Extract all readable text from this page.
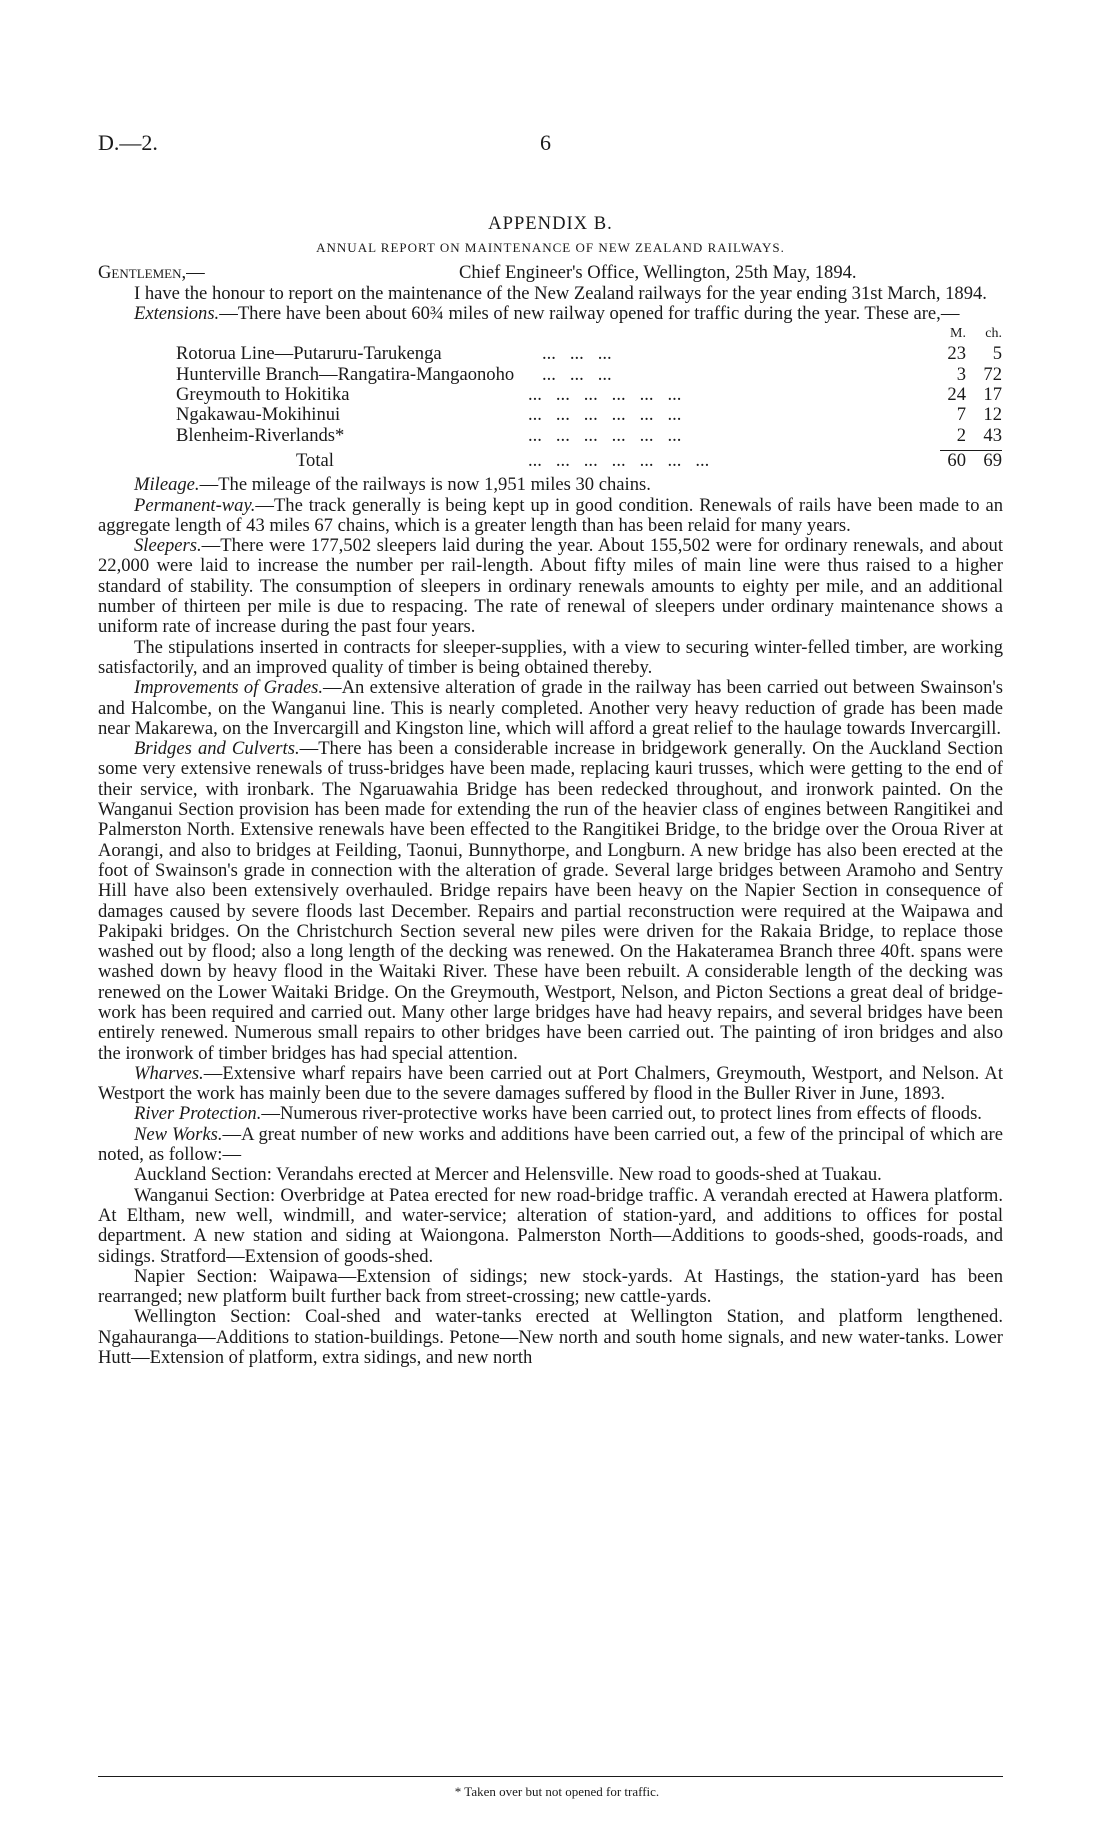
D.—2.	6
APPENDIX B.
ANNUAL REPORT ON MAINTENANCE OF NEW ZEALAND RAILWAYS.
Gentlemen,—	Chief Engineer's Office, Wellington, 25th May, 1894.

I have the honour to report on the maintenance of the New Zealand railways for the year ending 31st March, 1894.

Extensions.—There have been about 60¾ miles of new railway opened for traffic during the year. These are,—

		M.	ch.
Rotorua Line—Putaruru-Tarukenga	...   ...   ...	23	5
Hunterville Branch—Rangatira-Mangaonoho	...   ...   ...	3	72
Greymouth to Hokitika	...   ...   ...   ...   ...   ...	24	17
Ngakawau-Mokihinui	...   ...   ...   ...   ...   ...	7	12
Blenheim-Riverlands*	...   ...   ...   ...   ...   ...	2	43

Total	...   ...   ...   ...   ...   ...   ...	60	69

Mileage.—The mileage of the railways is now 1,951 miles 30 chains.

Permanent-way.—The track generally is being kept up in good condition. Renewals of rails have been made to an aggregate length of 43 miles 67 chains, which is a greater length than has been relaid for many years.

Sleepers.—There were 177,502 sleepers laid during the year. About 155,502 were for ordinary renewals, and about 22,000 were laid to increase the number per rail-length. About fifty miles of main line were thus raised to a higher standard of stability. The consumption of sleepers in ordinary renewals amounts to eighty per mile, and an additional number of thirteen per mile is due to respacing. The rate of renewal of sleepers under ordinary maintenance shows a uniform rate of increase during the past four years.

The stipulations inserted in contracts for sleeper-supplies, with a view to securing winter-felled timber, are working satisfactorily, and an improved quality of timber is being obtained thereby.

Improvements of Grades.—An extensive alteration of grade in the railway has been carried out between Swainson's and Halcombe, on the Wanganui line. This is nearly completed. Another very heavy reduction of grade has been made near Makarewa, on the Invercargill and Kingston line, which will afford a great relief to the haulage towards Invercargill.

Bridges and Culverts.—There has been a considerable increase in bridgework generally. On the Auckland Section some very extensive renewals of truss-bridges have been made, replacing kauri trusses, which were getting to the end of their service, with ironbark. The Ngaruawahia Bridge has been redecked throughout, and ironwork painted. On the Wanganui Section provision has been made for extending the run of the heavier class of engines between Rangitikei and Palmerston North. Extensive renewals have been effected to the Rangitikei Bridge, to the bridge over the Oroua River at Aorangi, and also to bridges at Feilding, Taonui, Bunnythorpe, and Longburn. A new bridge has also been erected at the foot of Swainson's grade in connection with the alteration of grade. Several large bridges between Aramoho and Sentry Hill have also been extensively overhauled. Bridge repairs have been heavy on the Napier Section in consequence of damages caused by severe floods last December. Repairs and partial reconstruction were required at the Waipawa and Pakipaki bridges. On the Christchurch Section several new piles were driven for the Rakaia Bridge, to replace those washed out by flood; also a long length of the decking was renewed. On the Hakateramea Branch three 40ft. spans were washed down by heavy flood in the Waitaki River. These have been rebuilt. A considerable length of the decking was renewed on the Lower Waitaki Bridge. On the Greymouth, Westport, Nelson, and Picton Sections a great deal of bridge-work has been required and carried out. Many other large bridges have had heavy repairs, and several bridges have been entirely renewed. Numerous small repairs to other bridges have been carried out. The painting of iron bridges and also the ironwork of timber bridges has had special attention.

Wharves.—Extensive wharf repairs have been carried out at Port Chalmers, Greymouth, Westport, and Nelson. At Westport the work has mainly been due to the severe damages suffered by flood in the Buller River in June, 1893.

River Protection.—Numerous river-protective works have been carried out, to protect lines from effects of floods.

New Works.—A great number of new works and additions have been carried out, a few of the principal of which are noted, as follow:—

Auckland Section: Verandahs erected at Mercer and Helensville. New road to goods-shed at Tuakau.

Wanganui Section: Overbridge at Patea erected for new road-bridge traffic. A verandah erected at Hawera platform. At Eltham, new well, windmill, and water-service; alteration of station-yard, and additions to offices for postal department. A new station and siding at Waiongona. Palmerston North—Additions to goods-shed, goods-roads, and sidings. Stratford—Extension of goods-shed.

Napier Section: Waipawa—Extension of sidings; new stock-yards. At Hastings, the station-yard has been rearranged; new platform built further back from street-crossing; new cattle-yards.

Wellington Section: Coal-shed and water-tanks erected at Wellington Station, and platform lengthened. Ngahauranga—Additions to station-buildings. Petone—New north and south home signals, and new water-tanks. Lower Hutt—Extension of platform, extra sidings, and new north

* Taken over but not opened for traffic.
